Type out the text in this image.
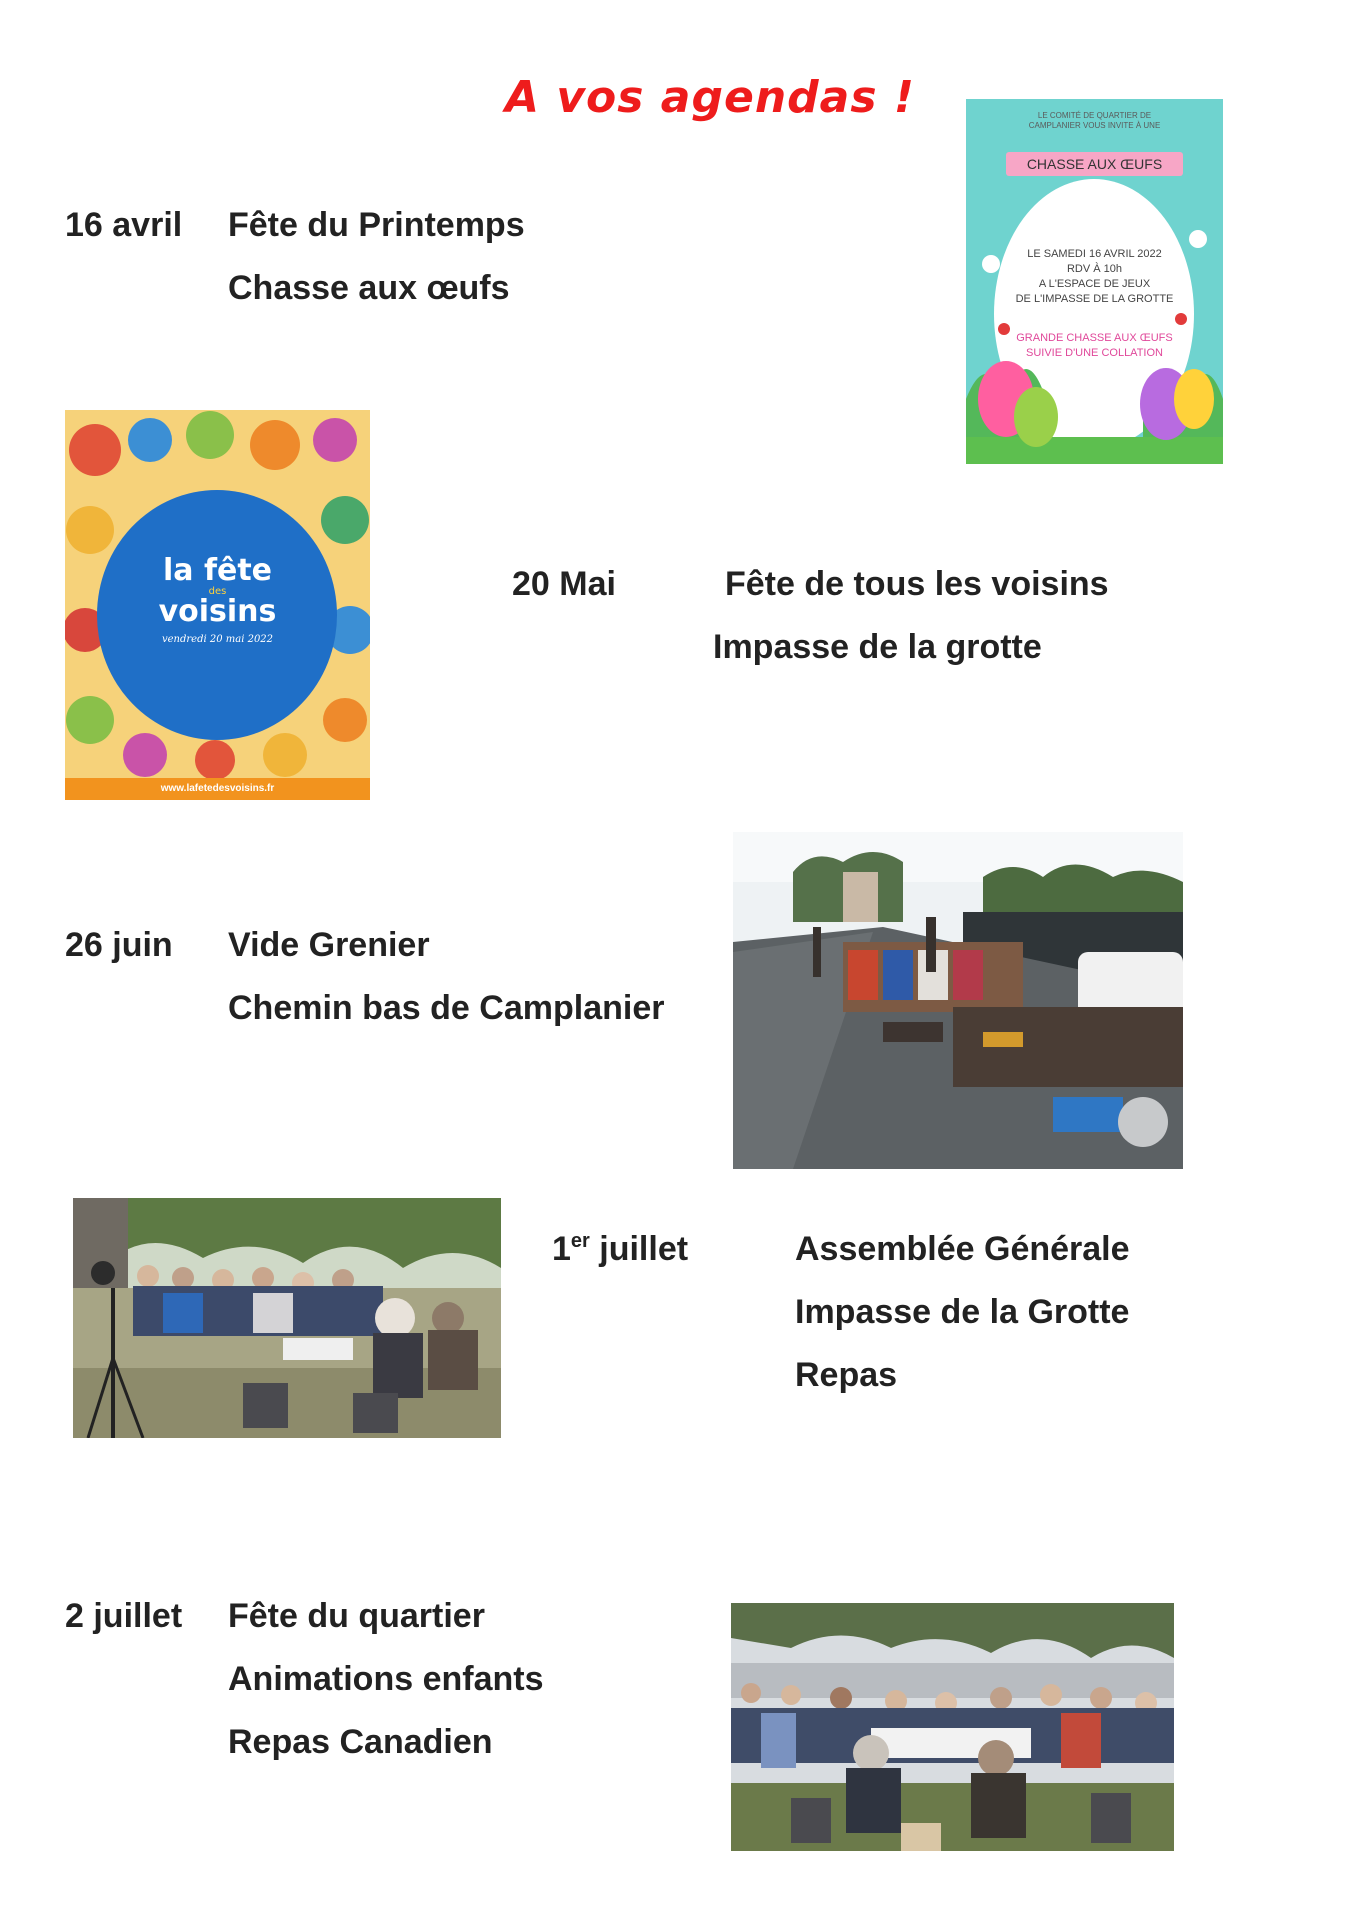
A vos agendas !
16 avril Fête du Printemps
Chasse aux œufs
20 Mai	Fête de tous les voisins
Impasse de la grotte
26 juin Vide Grenier
Chemin bas de Camplanier
1er juillet	Assemblée Générale
Impasse de la Grotte
Repas
2 juillet Fête du quartier
Animations enfants
Repas Canadien
LE COMITÉ DE QUARTIER DE
CAMPLANIER VOUS INVITE À UNE
CHASSE AUX ŒUFS
LE SAMEDI 16 AVRIL 2022
RDV À 10h
A L'ESPACE DE JEUX
DE L'IMPASSE DE LA GROTTE
GRANDE CHASSE AUX ŒUFS
SUIVIE D'UNE COLLATION
la fête
des
voisins
vendredi 20 mai 2022
www.lafetedesvoisins.fr
